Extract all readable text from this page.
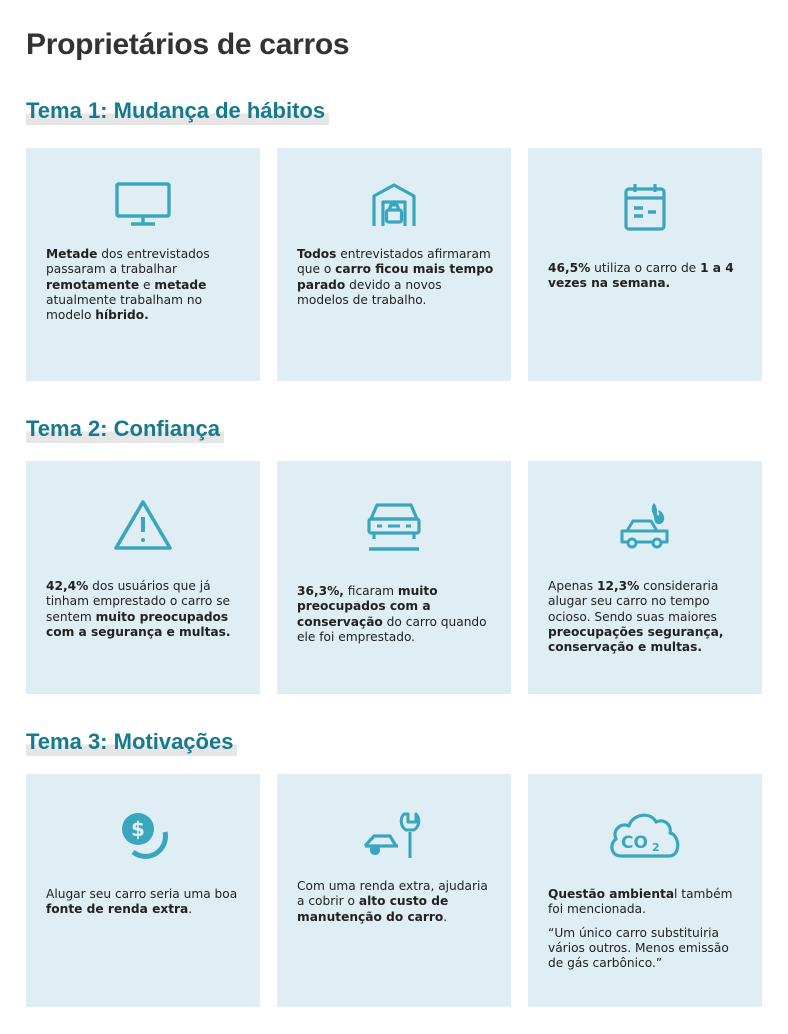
Proprietários de carros
Tema 1: Mudança de hábitos
Metade dos entrevistados passaram a trabalhar remotamente e metade atualmente trabalham no modelo híbrido.
Todos entrevistados afirmaram que o carro ficou mais tempo parado devido a novos modelos de trabalho.
46,5% utiliza o carro de 1 a 4 vezes na semana.
Tema 2: Confiança
42,4% dos usuários que já tinham emprestado o carro se sentem muito preocupados com a segurança e multas.
36,3%, ficaram muito preocupados com a conservação do carro quando ele foi emprestado.
Apenas 12,3% consideraria alugar seu carro no tempo ocioso. Sendo suas maiores preocupações segurança, conservação e multas.
Tema 3: Motivações
$
Alugar seu carro seria uma boa fonte de renda extra.
Com uma renda extra, ajudaria a cobrir o alto custo de manutenção do carro.
CO 2

Questão ambiental também foi mencionada.

“Um único carro substituiria vários outros. Menos emissão de gás carbônico.”
